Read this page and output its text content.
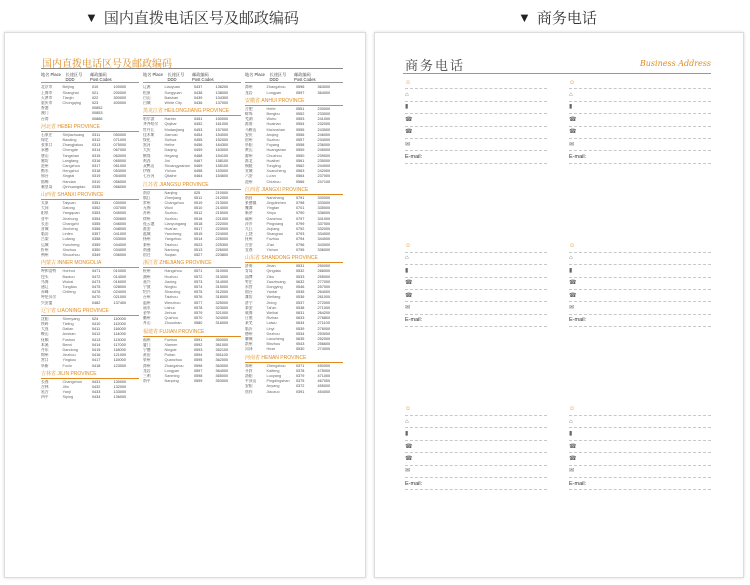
▼ 国内直拨电话区号及邮政编码	▼ 商务电话
国内直拨电话区号及邮政编码
地名 Place	长途区号 DDD
邮政编码 Post Codes
北京市	Beijing	010	100000
上海市	Shanghai	021	200000
天津市	Tianjin	022	300000
重庆市	Chongqing	023	400000
香港	00852
澳门	00853
台湾	00886
河北省 HEBEI PROVINCE
石家庄	Shijiazhuang	0311	050000
保定	Baoding	0312	071000
张家口	Zhangjiakou	0313	075000
承德	Chengde	0314	067000
唐山	Tangshan	0315	063000
廊坊	Langfang	0316	065000
沧州	Cangzhou	0317	061000
衡水	Hengshui	0318	053000
邢台	Xingtai	0319	054000
邯郸	Handan	0310	056000
秦皇岛	Qinhuangdao	0335	066000
山西省 SHANXI PROVINCE
太原	Taiyuan	0351	030000
大同	Datong	0352	037000
阳泉	Yangquan	0353	045000
晋中	Jinzhong	0354	030600
长治	Changzhi	0355	046000
晋城	Jincheng	0356	048000
临汾	Linfen	0357	041000
吕梁	Luliang	0358	033000
运城	Yuncheng	0359	044000
忻州	Xinzhou	0350	034000
朔州	Shuozhou	0349	036000
内蒙古 INNER MONGOLIA
呼和浩特	Hohhot	0471	010000
包头	Baotou	0472	014000
乌海	Wuhai	0473	016000
通辽	Tongliao	0475	028000
赤峰	Chifeng	0476	024000
呼伦贝尔	0470	021000
兴安盟	0482	137400
辽宁省 LIAONING PROVINCE
沈阳	Shenyang	024	110000
铁岭	Tieling	0410	112000
大连	Dalian	0411	116000
鞍山	Anshan	0412	114000
抚顺	Fushun	0413	113000
本溪	Benxi	0414	117000
丹东	Dandong	0415	118000
锦州	Jinzhou	0416	121000
营口	Yingkou	0417	115000
阜新	Fuxin	0418	123000
吉林省 JILIN PROVINCE
长春	Changchun	0431	130000
吉林	Jilin	0432	132000
延吉	Yanji	0433	133000
四平	Siping	0434	136000
地名 Place	长途区号 DDD
邮政编码 Post Codes
辽源	Liaoyuan	0437	136200
松原	Songyuan	0438	138000
白山	Baishan	0439	134300
白城	White City	0436	137000
黑龙江省 HEILONGJIANG PROVINCE
哈尔滨	Harbin	0451	150000
齐齐哈尔	Qiqihar	0452	161000
牡丹江	Mudanjiang	0453	157000
佳木斯	Jiamusi	0454	154000
绥化	Suihua	0455	152000
黑河	Heihe	0456	164300
大庆	Daqing	0459	163000
鹤岗	Hegang	0468	154100
鸡西	Jixi	0467	158100
双鸭山	Shuangyashan	0469	155100
伊春	Yichun	0458	153000
七台河	Qitaihe	0464	154600
江苏省 JIANGSU PROVINCE
南京	Nanjing	025	210000
镇江	Zhenjiang	0511	212000
常州	Changzhou	0519	213000
无锡	Wuxi	0510	214000
苏州	Suzhou	0512	215000
徐州	Xuzhou	0516	221000
连云港	Lianyungang	0518	222000
淮安	Huai'an	0517	223000
盐城	Yancheng	0515	224000
扬州	Yangzhou	0514	225000
泰州	Taizhou	0523	225300
南通	Nantong	0513	226000
宿迁	Suqian	0527	223800
浙江省 ZHEJIANG PROVINCE
杭州	Hangzhou	0571	310000
湖州	Huzhou	0572	313000
嘉兴	Jiaxing	0573	314000
宁波	Ningbo	0574	315000
绍兴	Shaoxing	0575	312000
台州	Taizhou	0576	318000
温州	Wenzhou	0577	325000
丽水	Lishui	0578	323000
金华	Jinhua	0579	321000
衢州	Quzhou	0570	324000
舟山	Zhoushan	0580	316000
福建省 FUJIAN PROVINCE
福州	Fuzhou	0591	350000
厦门	Xiamen	0592	361000
宁德	Ningde	0593	352100
莆田	Putian	0594	351100
泉州	Quanzhou	0595	362000
漳州	Zhangzhou	0596	363000
龙岩	Longyan	0597	364000
三明	Sanming	0598	365000
南平	Nanping	0599	353000
地名 Place	长途区号 DDD
邮政编码 Post Codes
漳州	Zhangzhou	0596	363000
龙岩	Longyan	0597	364000
安徽省 ANHUI PROVINCE
合肥	Hefei	0551	230000
蚌埠	Bengbu	0552	233000
芜湖	Wuhu	0553	241000
淮南	Huainan	0554	232000
马鞍山	Ma'anshan	0555	243000
安庆	Anqing	0556	246000
宿州	Suzhou	0557	234000
阜阳	Fuyang	0558	236000
黄山	Huangshan	0559	245000
滁州	Chuzhou	0550	239000
淮北	Huaibei	0561	235000
铜陵	Tongling	0562	244000
宣城	Xuancheng	0563	242000
六安	Lu'an	0564	237000
池州	Chizhou	0566	247100
江西省 JIANGXI PROVINCE
南昌	Nanchang	0791	330000
景德镇	Jingdezhen	0798	333000
鹰潭	Yingtan	0701	335000
新余	Xinyu	0790	338000
赣州	Ganzhou	0797	341000
萍乡	Pingxiang	0799	337000
九江	Jiujiang	0792	332000
上饶	Shangrao	0793	334000
抚州	Fuzhou	0794	344000
吉安	Ji'an	0796	343000
宜春	Yichun	0795	336000
山东省 SHANDONG PROVINCE
济南	Jinan	0531	250000
青岛	Qingdao	0532	266000
淄博	Zibo	0533	255000
枣庄	Zaozhuang	0632	277000
东营	Dongying	0546	257000
烟台	Yantai	0535	264000
潍坊	Weifang	0536	261000
济宁	Jining	0537	272000
泰安	Tai'an	0538	271000
威海	Weihai	0631	264200
日照	Rizhao	0633	276800
莱芜	Laiwu	0634	271100
临沂	Linyi	0539	276000
德州	Dezhou	0534	253000
聊城	Liaocheng	0635	252000
滨州	Binzhou	0543	256600
菏泽	Heze	0530	274000
河南省 HENAN PROVINCE
郑州	Zhengzhou	0371	450000
开封	Kaifeng	0378	475000
洛阳	Luoyang	0379	471000
平顶山	Pingdingshan	0375	467000
安阳	Anyang	0372	455000
焦作	Jiaozuo	0391	454000
商务电话	Business Address
☺
⌂
▮
☎
☎
✉
E-mail:
☺
⌂
▮
☎
☎
✉
E-mail:
☺
⌂
▮
☎
☎
✉
E-mail:
☺
⌂
▮
☎
☎
✉
E-mail:
☺
⌂
▮
☎
☎
✉
E-mail:
☺
⌂
▮
☎
☎
✉
E-mail:
